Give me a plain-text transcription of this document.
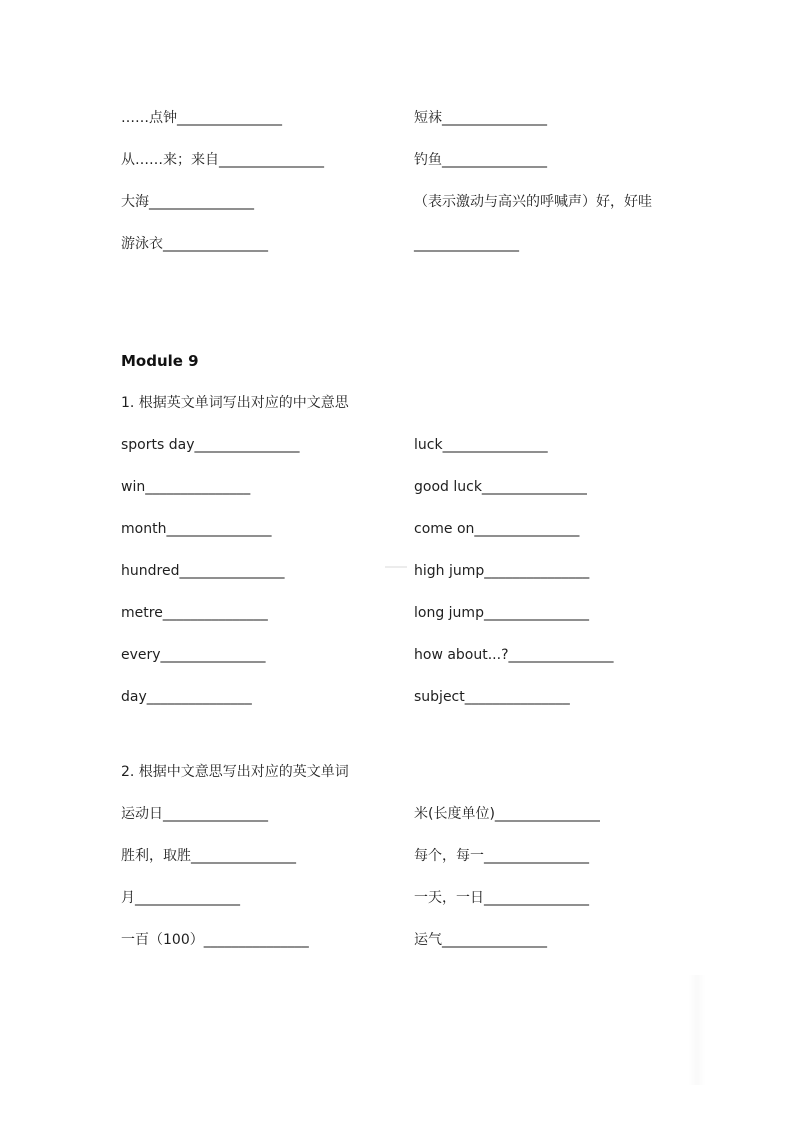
……点钟_______________	短袜_______________
从……来；来自_______________	钓鱼_______________
大海_______________	（表示激动与高兴的呼喊声）好，好哇
游泳衣_______________	_______________
Module 9
1. 根据英文单词写出对应的中文意思
sports day_______________	luck_______________
win_______________	good luck_______________
month_______________	come on_______________
hundred_______________	high jump_______________
metre_______________	long jump_______________
every_______________	how about...?_______________
day_______________	subject_______________
2. 根据中文意思写出对应的英文单词
运动日_______________	米(长度单位)_______________
胜利，取胜_______________	每个，每一_______________
月_______________	一天，一日_______________
一百（100）_______________	运气_______________
